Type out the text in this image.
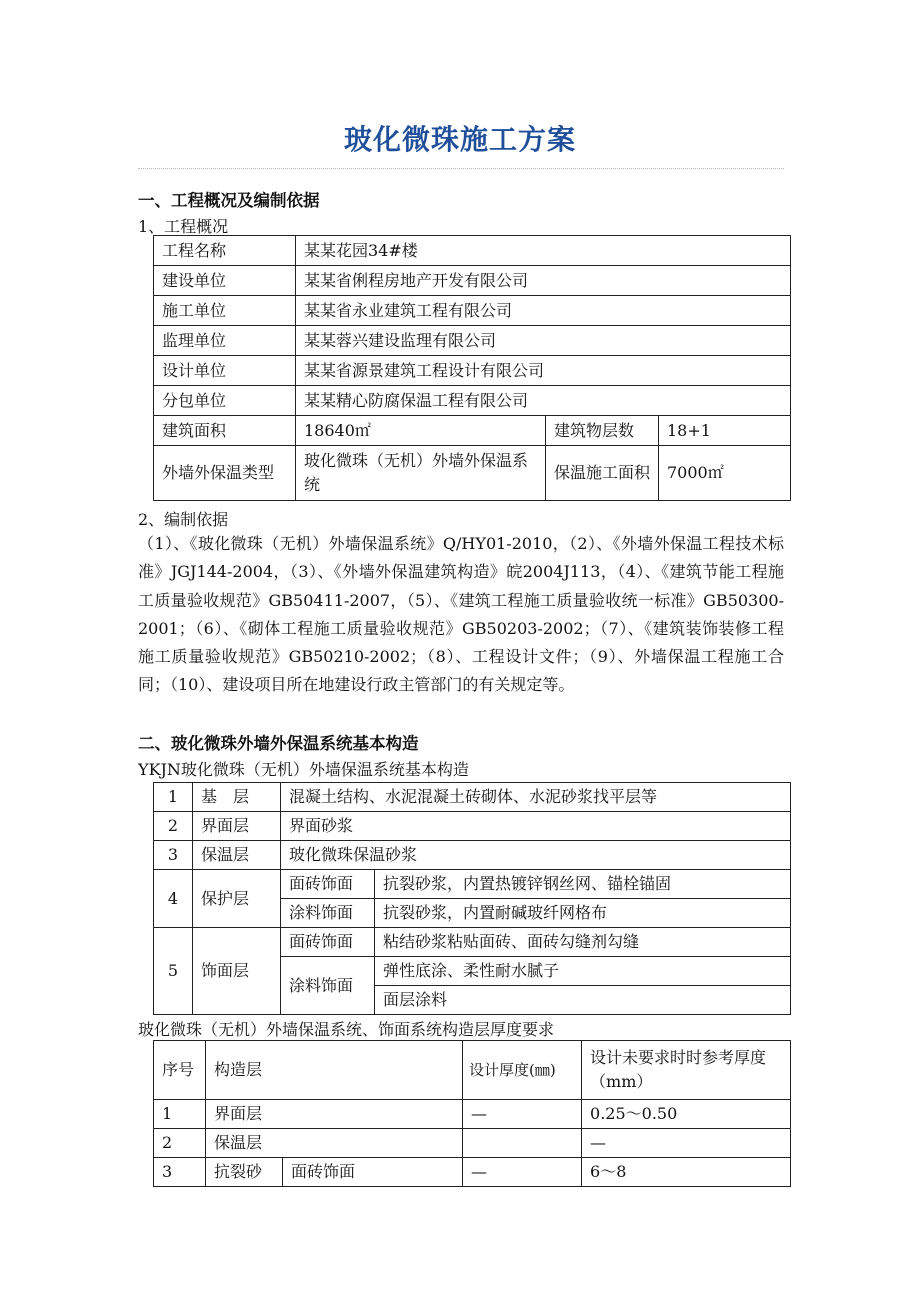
玻化微珠施工方案
一、工程概况及编制依据
1、工程概况
工程名称	某某花园34#楼		
建设单位	某某省俐程房地产开发有限公司		
施工单位	某某省永业建筑工程有限公司		
监理单位	某某蓉兴建设监理有限公司		
设计单位	某某省源景建筑工程设计有限公司		
分包单位	某某精心防腐保温工程有限公司		
建筑面积	18640㎡	建筑物层数	18+1
外墙外保温类型	玻化微珠（无机）外墙外保温系统	保温施工面积	7000㎡
2、编制依据
（1）、《玻化微珠（无机）外墙保温系统》Q/HY01-2010，（2）、《外墙外保温工程技术标准》JGJ144-2004，（3）、《外墙外保温建筑构造》皖2004J113，（4）、《建筑节能工程施工质量验收规范》GB50411-2007，（5）、《建筑工程施工质量验收统一标准》GB50300-2001；（6）、《砌体工程施工质量验收规范》GB50203-2002；（7）、《建筑装饰装修工程施工质量验收规范》GB50210-2002；（8）、工程设计文件；（9）、外墙保温工程施工合同；（10）、建设项目所在地建设行政主管部门的有关规定等。
二、玻化微珠外墙外保温系统基本构造
YKJN玻化微珠（无机）外墙保温系统基本构造
1	基　层	混凝土结构、水泥混凝土砖砌体、水泥砂浆找平层等	
2	界面层	界面砂浆	
3	保温层	玻化微珠保温砂浆	
4	保护层	面砖饰面	抗裂砂浆，内置热镀锌钢丝网、锚栓锚固
		涂料饰面	抗裂砂浆，内置耐碱玻纤网格布
5	饰面层	面砖饰面	粘结砂浆粘贴面砖、面砖勾缝剂勾缝
		涂料饰面	弹性底涂、柔性耐水腻子
			面层涂料
玻化微珠（无机）外墙保温系统、饰面系统构造层厚度要求
序号	构造层		设计厚度(㎜)	设计未要求时时参考厚度（mm）
1	界面层		—	0.25～0.50
2	保温层			—
3	抗裂砂	面砖饰面	—	6～8
